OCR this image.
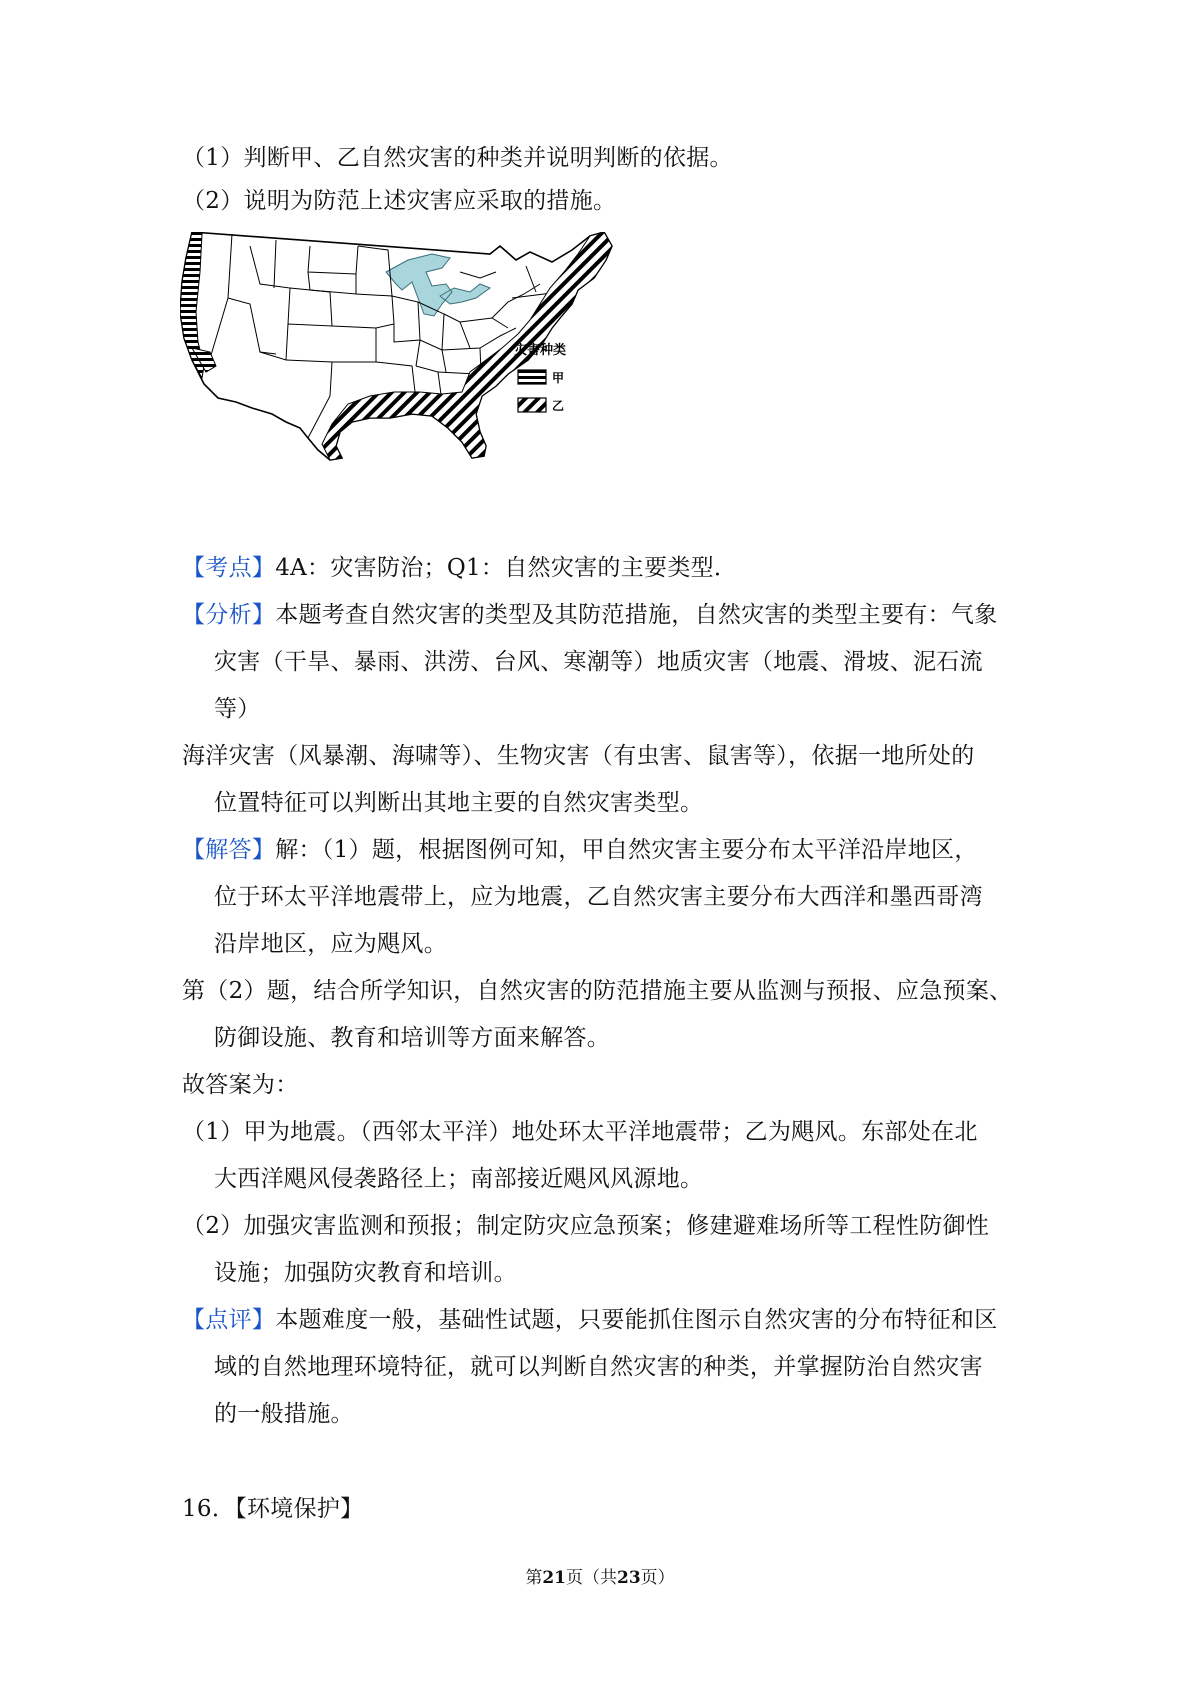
（1）判断甲、乙自然灾害的种类并说明判断的依据。
（2）说明为防范上述灾害应采取的措施。
灾害种类
甲
乙
【考点】4A：灾害防治；Q1：自然灾害的主要类型．
【分析】本题考查自然灾害的类型及其防范措施，自然灾害的类型主要有：气象
灾害（干旱、暴雨、洪涝、台风、寒潮等）地质灾害（地震、滑坡、泥石流
等）
海洋灾害（风暴潮、海啸等）、生物灾害（有虫害、鼠害等），依据一地所处的
位置特征可以判断出其地主要的自然灾害类型。
【解答】解：（1）题，根据图例可知，甲自然灾害主要分布太平洋沿岸地区，
位于环太平洋地震带上，应为地震，乙自然灾害主要分布大西洋和墨西哥湾
沿岸地区，应为飓风。
第（2）题，结合所学知识，自然灾害的防范措施主要从监测与预报、应急预案、
防御设施、教育和培训等方面来解答。
故答案为：
（1）甲为地震。（西邻太平洋）地处环太平洋地震带；乙为飓风。东部处在北
大西洋飓风侵袭路径上；南部接近飓风风源地。
（2）加强灾害监测和预报；制定防灾应急预案；修建避难场所等工程性防御性
设施；加强防灾教育和培训。
【点评】本题难度一般，基础性试题，只要能抓住图示自然灾害的分布特征和区
域的自然地理环境特征，就可以判断自然灾害的种类，并掌握防治自然灾害
的一般措施。
16．【环境保护】
第21页（共23页）
